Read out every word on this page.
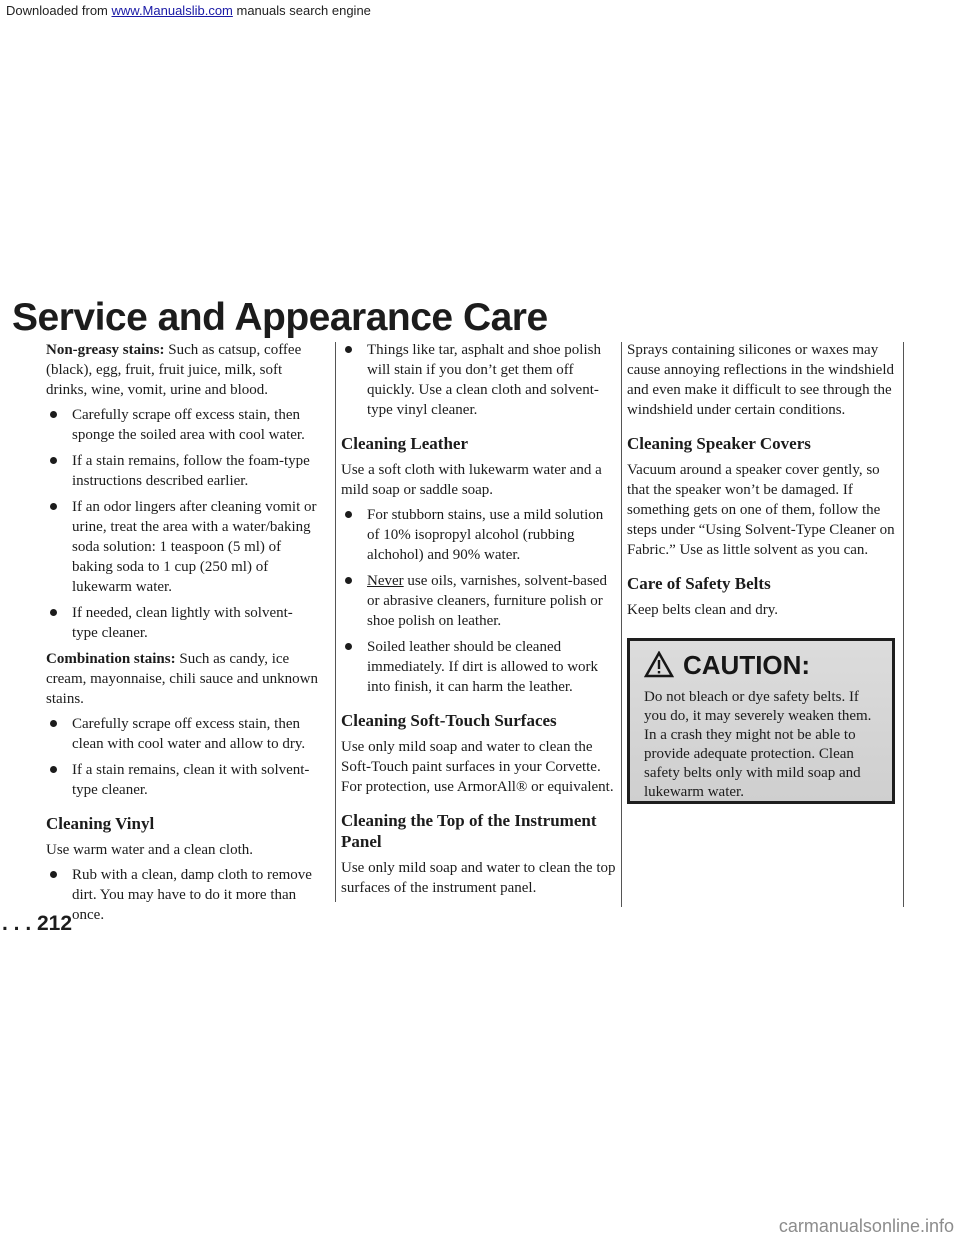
Downloaded from www.Manualslib.com manuals search engine
Service and Appearance Care

Non-greasy stains: Such as catsup, coffee (black), egg, fruit, fruit juice, milk, soft drinks, wine, vomit, urine and blood.

Carefully scrape off excess stain, then sponge the soiled area with cool water.
If a stain remains, follow the foam-type instructions described earlier.
If an odor lingers after cleaning vomit or urine, treat the area with a water/baking soda solution: 1 teaspoon (5 ml) of baking soda to 1 cup (250 ml) of lukewarm water.
If needed, clean lightly with solvent-type cleaner.

Combination stains: Such as candy, ice cream, mayonnaise, chili sauce and unknown stains.

Carefully scrape off excess stain, then clean with cool water and allow to dry.
If a stain remains, clean it with solvent-type cleaner.
Cleaning Vinyl

Use warm water and a clean cloth.

Rub with a clean, damp cloth to remove dirt. You may have to do it more than once.
Things like tar, asphalt and shoe polish will stain if you don’t get them off quickly. Use a clean cloth and solvent-type vinyl cleaner.
Cleaning Leather

Use a soft cloth with lukewarm water and a mild soap or saddle soap.

For stubborn stains, use a mild solution of 10% isopropyl alcohol (rubbing alchohol) and 90% water.
Never use oils, varnishes, solvent-based or abrasive cleaners, furniture polish or shoe polish on leather.
Soiled leather should be cleaned immediately. If dirt is allowed to work into finish, it can harm the leather.
Cleaning Soft-Touch Surfaces

Use only mild soap and water to clean the Soft-Touch paint surfaces in your Corvette. For protection, use ArmorAll® or equivalent.

Cleaning the Top of the Instrument Panel

Use only mild soap and water to clean the top surfaces of the instrument panel.

Sprays containing silicones or waxes may cause annoying reflections in the windshield and even make it difficult to see through the windshield under certain conditions.

Cleaning Speaker Covers

Vacuum around a speaker cover gently, so that the speaker won’t be damaged. If something gets on one of them, follow the steps under “Using Solvent-Type Cleaner on Fabric.” Use as little solvent as you can.

Care of Safety Belts

Keep belts clean and dry.

CAUTION:
Do not bleach or dye safety belts. If you do, it may severely weaken them. In a crash they might not be able to provide adequate protection. Clean safety belts only with mild soap and lukewarm water.
. . . 212
carmanualsonline.info
